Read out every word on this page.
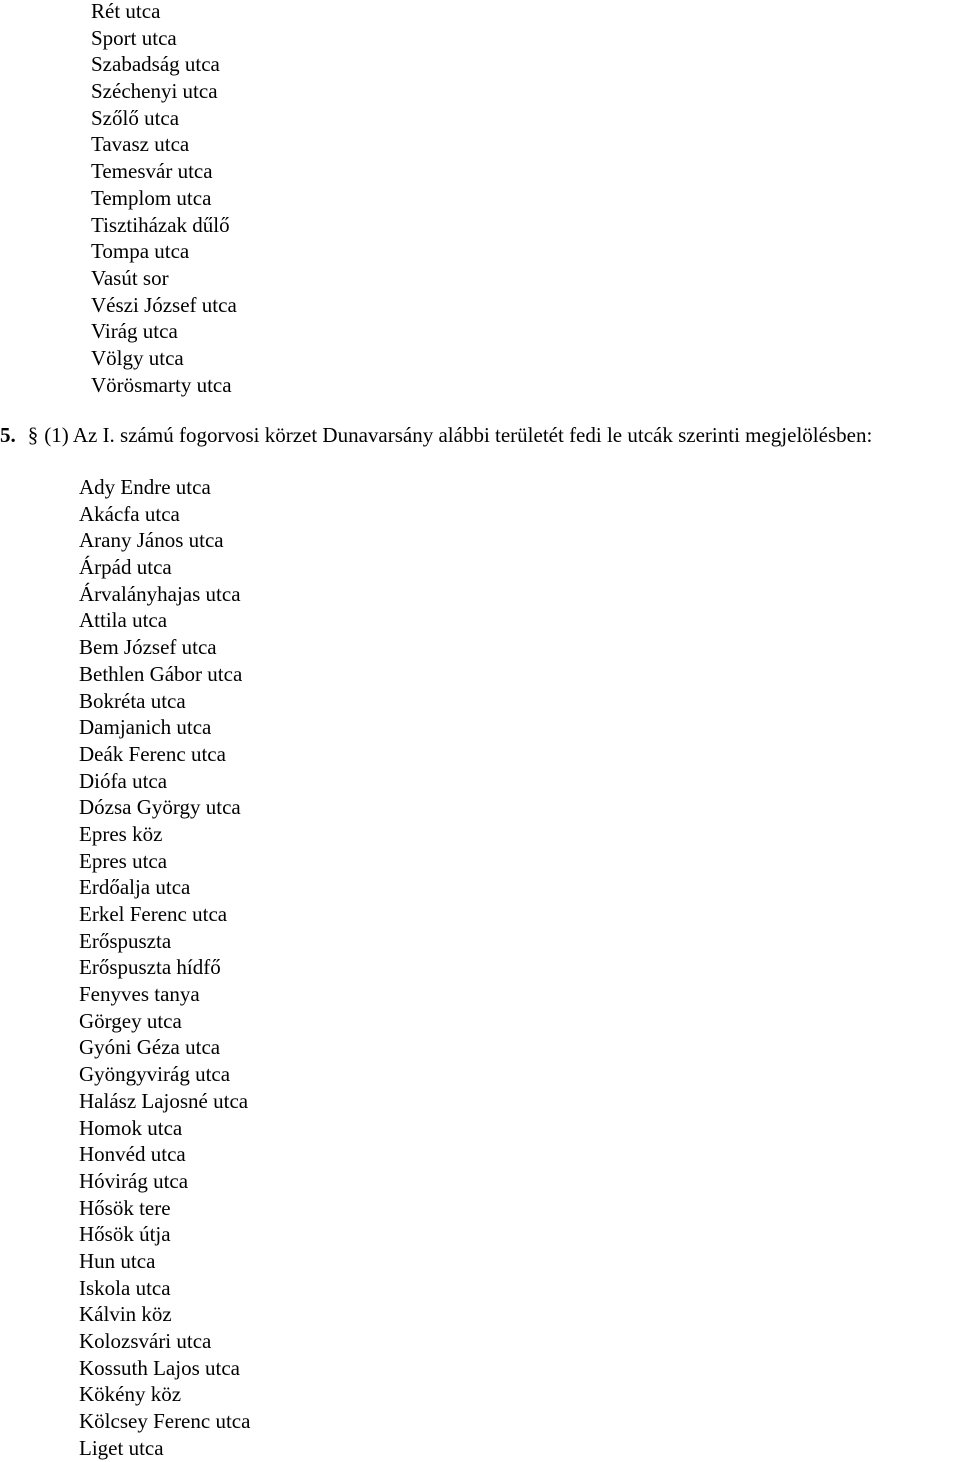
Rét utca
Sport utca
Szabadság utca
Széchenyi utca
Szőlő utca
Tavasz utca
Temesvár utca
Templom utca
Tisztiházak dűlő
Tompa utca
Vasút sor
Vészi József utca
Virág utca
Völgy utca
Vörösmarty utca
5. § (1) Az I. számú fogorvosi körzet Dunavarsány alábbi területét fedi le utcák szerinti megjelölésben:
Ady Endre utca
Akácfa utca
Arany János utca
Árpád utca
Árvalányhajas utca
Attila utca
Bem József utca
Bethlen Gábor utca
Bokréta utca
Damjanich utca
Deák Ferenc utca
Diófa utca
Dózsa György utca
Epres köz
Epres utca
Erdőalja utca
Erkel Ferenc utca
Erőspuszta
Erőspuszta hídfő
Fenyves tanya
Görgey utca
Gyóni Géza utca
Gyöngyvirág utca
Halász Lajosné utca
Homok utca
Honvéd utca
Hóvirág utca
Hősök tere
Hősök útja
Hun utca
Iskola utca
Kálvin köz
Kolozsvári utca
Kossuth Lajos utca
Kökény köz
Kölcsey Ferenc utca
Liget utca
